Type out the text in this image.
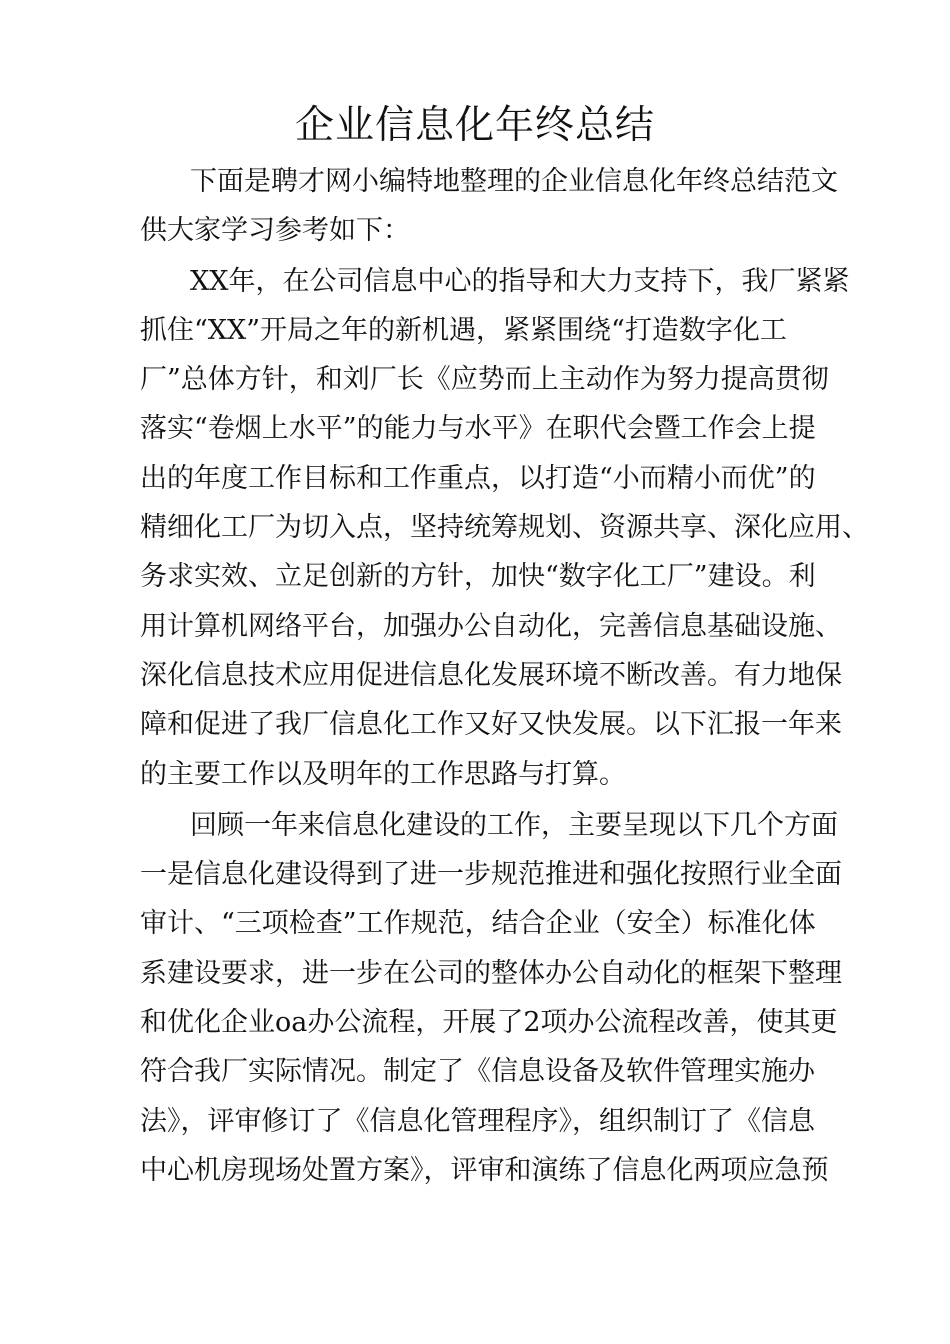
企业信息化年终总结
下面是聘才网小编特地整理的企业信息化年终总结范文
供大家学习参考如下：
XX年，在公司信息中心的指导和大力支持下，我厂紧紧
抓住“XX”开局之年的新机遇，紧紧围绕“打造数字化工
厂”总体方针，和刘厂长《应势而上主动作为努力提高贯彻
落实“卷烟上水平”的能力与水平》在职代会暨工作会上提
出的年度工作目标和工作重点，以打造“小而精小而优”的
精细化工厂为切入点，坚持统筹规划、资源共享、深化应用、
务求实效、立足创新的方针，加快“数字化工厂”建设。利
用计算机网络平台，加强办公自动化，完善信息基础设施、
深化信息技术应用促进信息化发展环境不断改善。有力地保
障和促进了我厂信息化工作又好又快发展。以下汇报一年来
的主要工作以及明年的工作思路与打算。
回顾一年来信息化建设的工作，主要呈现以下几个方面
一是信息化建设得到了进一步规范推进和强化按照行业全面
审计、“三项检查”工作规范，结合企业（安全）标准化体
系建设要求，进一步在公司的整体办公自动化的框架下整理
和优化企业oa办公流程，开展了2项办公流程改善，使其更
符合我厂实际情况。制定了《信息设备及软件管理实施办
法》，评审修订了《信息化管理程序》，组织制订了《信息
中心机房现场处置方案》，评审和演练了信息化两项应急预
